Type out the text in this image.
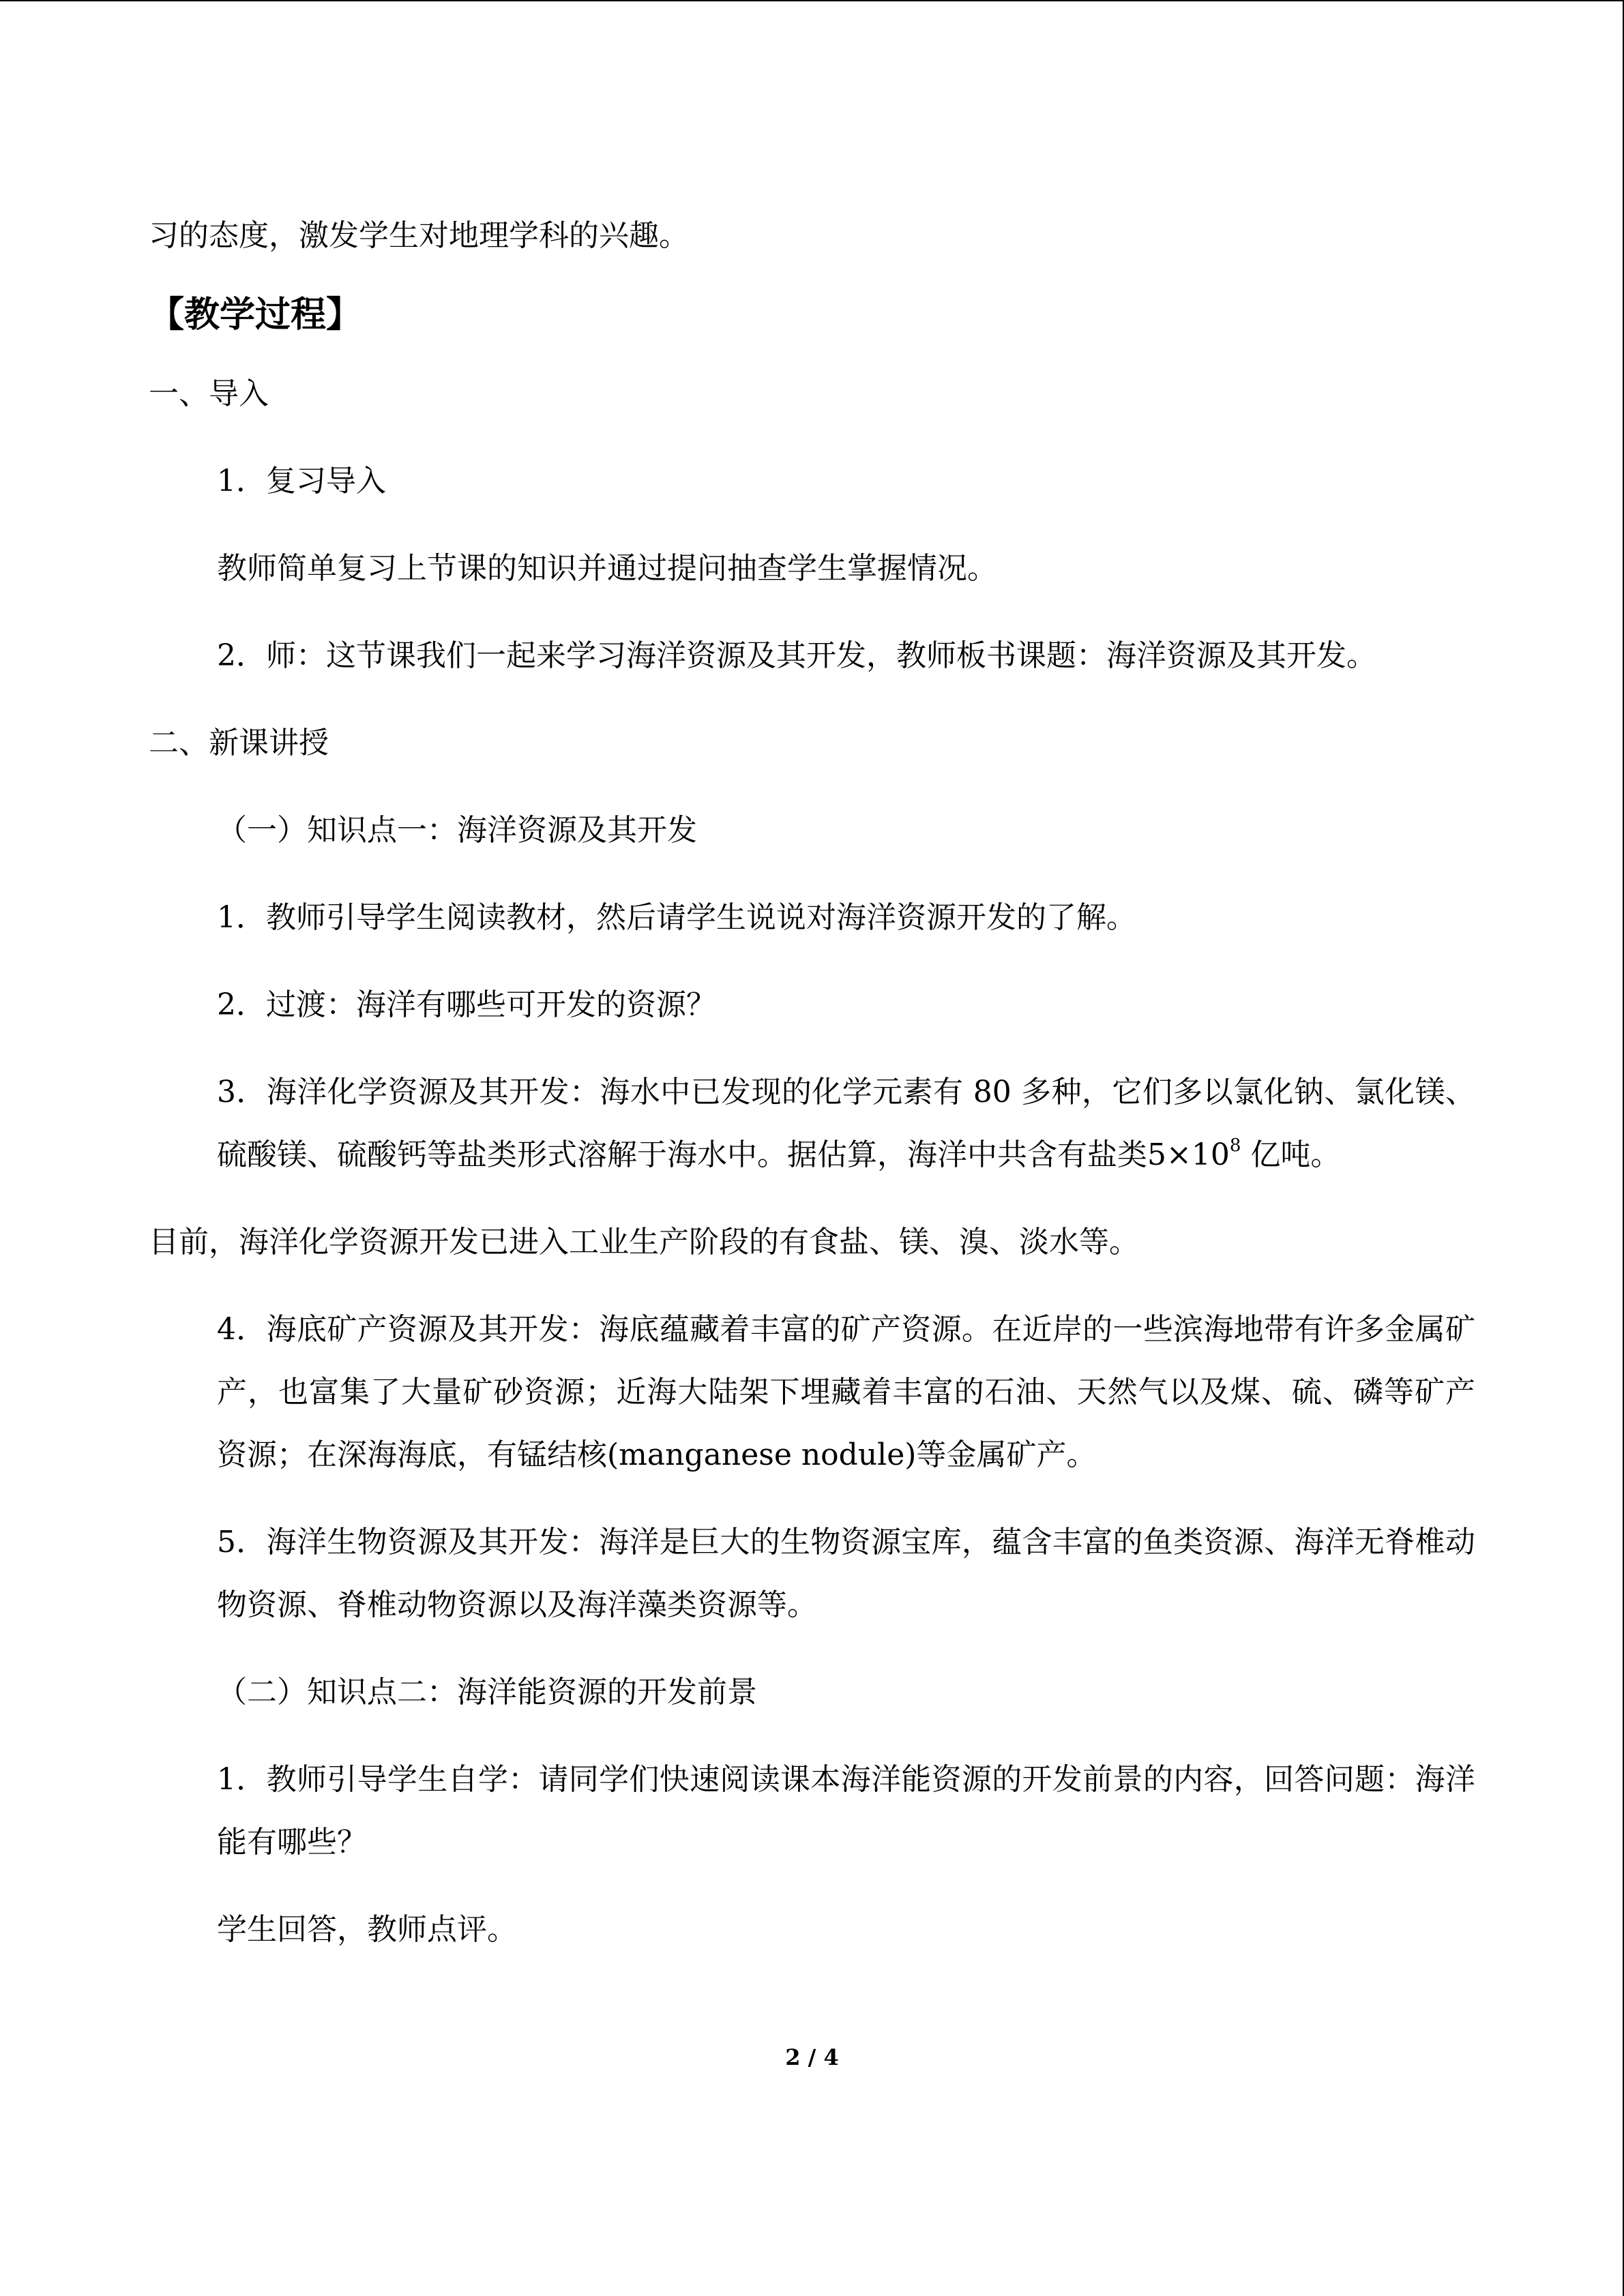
习的态度，激发学生对地理学科的兴趣。

【教学过程】

一、导入

1．复习导入

教师简单复习上节课的知识并通过提问抽查学生掌握情况。

2．师：这节课我们一起来学习海洋资源及其开发，教师板书课题：海洋资源及其开发。

二、新课讲授

（一）知识点一：海洋资源及其开发

1．教师引导学生阅读教材，然后请学生说说对海洋资源开发的了解。

2．过渡：海洋有哪些可开发的资源？

3．海洋化学资源及其开发：海水中已发现的化学元素有 80 多种，它们多以氯化钠、氯化镁、硫酸镁、硫酸钙等盐类形式溶解于海水中。据估算，海洋中共含有盐类$5\times 10^8$ 亿吨。

目前，海洋化学资源开发已进入工业生产阶段的有食盐、镁、溴、淡水等。

4．海底矿产资源及其开发：海底蕴藏着丰富的矿产资源。在近岸的一些滨海地带有许多金属矿产，也富集了大量矿砂资源；近海大陆架下埋藏着丰富的石油、天然气以及煤、硫、磷等矿产资源；在深海海底，有锰结核(manganese nodule)等金属矿产。

5．海洋生物资源及其开发：海洋是巨大的生物资源宝库，蕴含丰富的鱼类资源、海洋无脊椎动物资源、脊椎动物资源以及海洋藻类资源等。

（二）知识点二：海洋能资源的开发前景

1．教师引导学生自学：请同学们快速阅读课本海洋能资源的开发前景的内容，回答问题：海洋能有哪些？

学生回答，教师点评。

2 / 4
